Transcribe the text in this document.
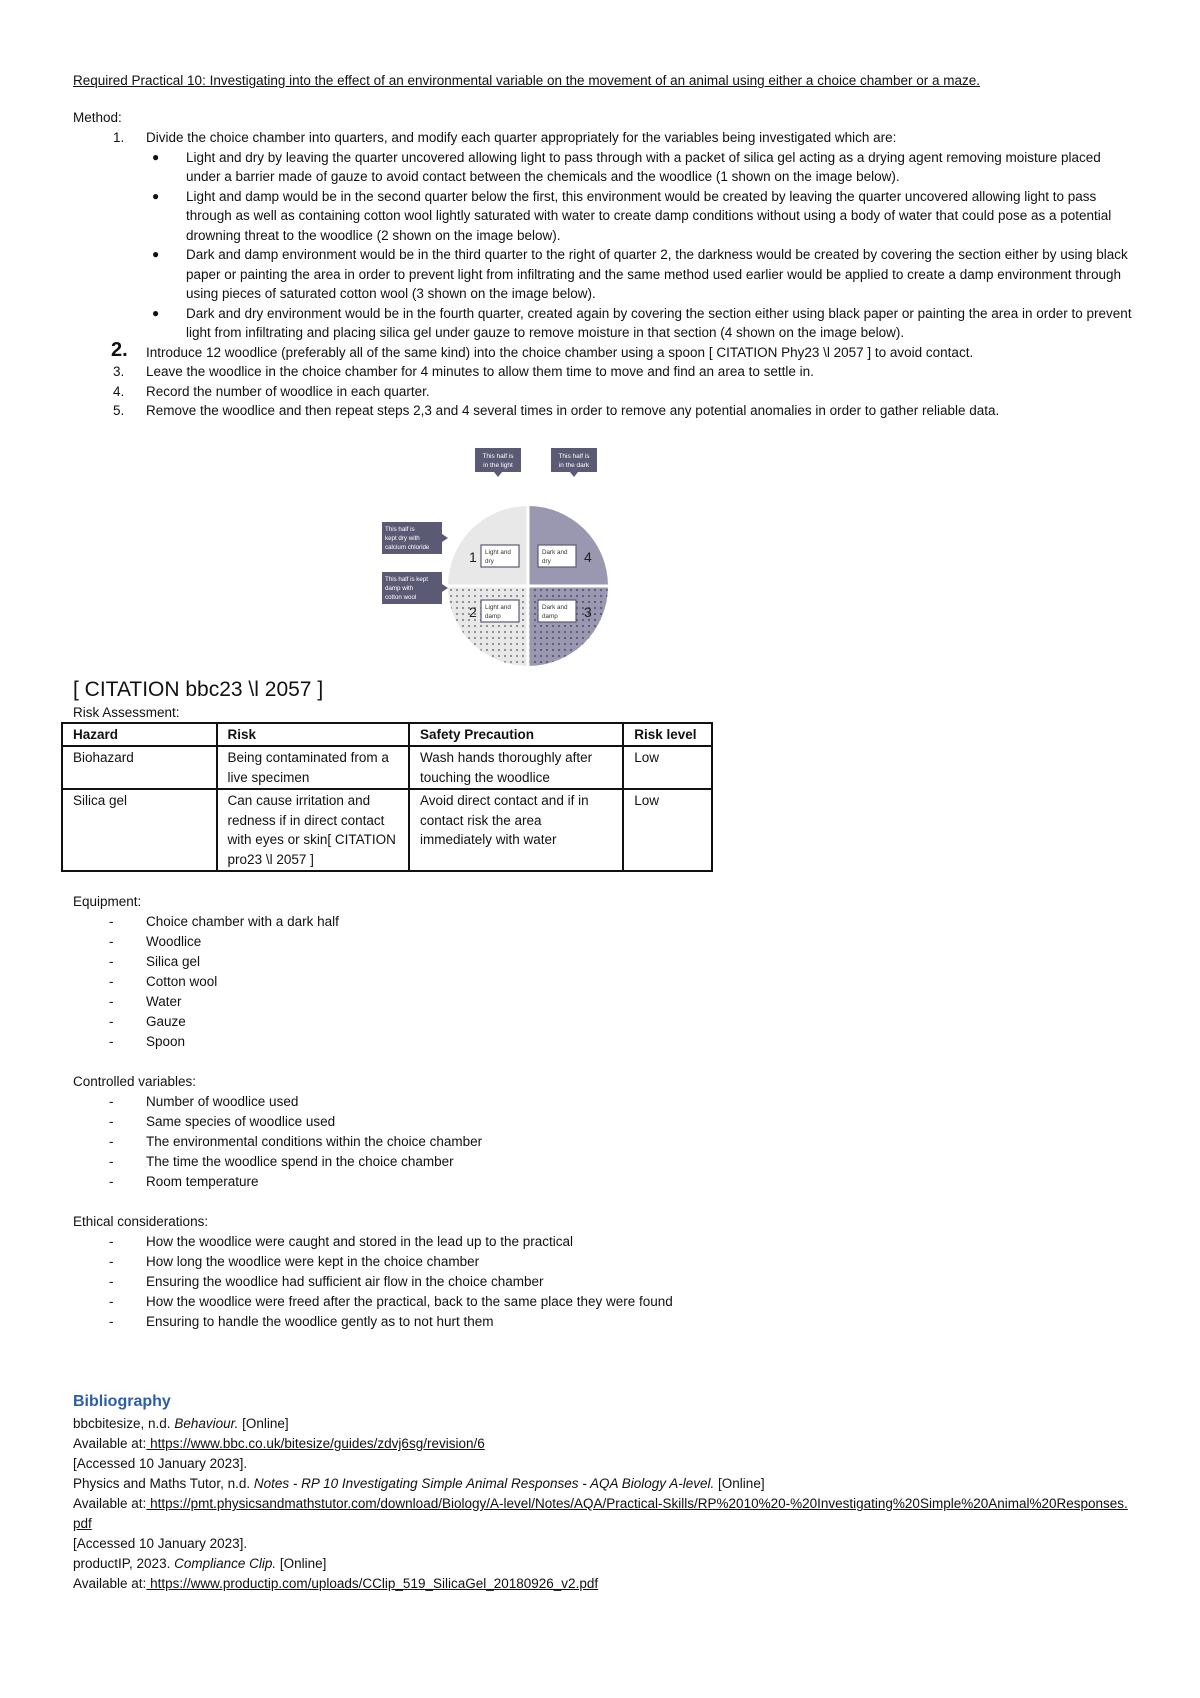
Required Practical 10: Investigating into the effect of an environmental variable on the movement of an animal using either a choice chamber or a maze.
Method:
1. Divide the choice chamber into quarters, and modify each quarter appropriately for the variables being investigated which are:
● Light and dry by leaving the quarter uncovered allowing light to pass through with a packet of silica gel acting as a drying agent removing moisture placed under a barrier made of gauze to avoid contact between the chemicals and the woodlice (1 shown on the image below).
● Light and damp would be in the second quarter below the first, this environment would be created by leaving the quarter uncovered allowing light to pass through as well as containing cotton wool lightly saturated with water to create damp conditions without using a body of water that could pose as a potential drowning threat to the woodlice (2 shown on the image below).
● Dark and damp environment would be in the third quarter to the right of quarter 2, the darkness would be created by covering the section either by using black paper or painting the area in order to prevent light from infiltrating and the same method used earlier would be applied to create a damp environment through using pieces of saturated cotton wool (3 shown on the image below).
● Dark and dry environment would be in the fourth quarter, created again by covering the section either using black paper or painting the area in order to prevent light from infiltrating and placing silica gel under gauze to remove moisture in that section (4 shown on the image below).
2. Introduce 12 woodlice (preferably all of the same kind) into the choice chamber using a spoon [ CITATION Phy23 \l 2057 ] to avoid contact.
3. Leave the woodlice in the choice chamber for 4 minutes to allow them time to move and find an area to settle in.
4. Record the number of woodlice in each quarter.
5. Remove the woodlice and then repeat steps 2,3 and 4 several times in order to remove any potential anomalies in order to gather reliable data.
This half is
in the light
This half is
in the dark
This half is
kept dry with
calcium chloride
This half is kept
damp with
cotton wool
1 Light and
dry
Dark and
dry 4
2 Light and
damp
Dark and
damp 3
[ CITATION bbc23 \l 2057 ]
Risk Assessment:
Hazard	Risk	Safety Precaution	Risk level
Biohazard	Being contaminated from a live specimen	Wash hands thoroughly after touching the woodlice	Low
Silica gel	Can cause irritation and redness if in direct contact with eyes or skin[ CITATION pro23 \l 2057 ]	Avoid direct contact and if in contact risk the area immediately with water	Low
Equipment:
- Choice chamber with a dark half
- Woodlice
- Silica gel
- Cotton wool
- Water
- Gauze
- Spoon
Controlled variables:
- Number of woodlice used
- Same species of woodlice used
- The environmental conditions within the choice chamber
- The time the woodlice spend in the choice chamber
- Room temperature
Ethical considerations:
- How the woodlice were caught and stored in the lead up to the practical
- How long the woodlice were kept in the choice chamber
- Ensuring the woodlice had sufficient air flow in the choice chamber
- How the woodlice were freed after the practical, back to the same place they were found
- Ensuring to handle the woodlice gently as to not hurt them
Bibliography

bbcbitesize, n.d. Behaviour. [Online]

Available at: https://www.bbc.co.uk/bitesize/guides/zdvj6sg/revision/6

[Accessed 10 January 2023].

Physics and Maths Tutor, n.d. Notes - RP 10 Investigating Simple Animal Responses - AQA Biology A-level. [Online]

Available at: https://pmt.physicsandmathstutor.com/download/Biology/A-level/Notes/AQA/Practical-Skills/RP%2010%20-%20Investigating%20Simple%20Animal%20Responses.pdf

[Accessed 10 January 2023].

productIP, 2023. Compliance Clip. [Online]

Available at: https://www.productip.com/uploads/CClip_519_SilicaGel_20180926_v2.pdf
